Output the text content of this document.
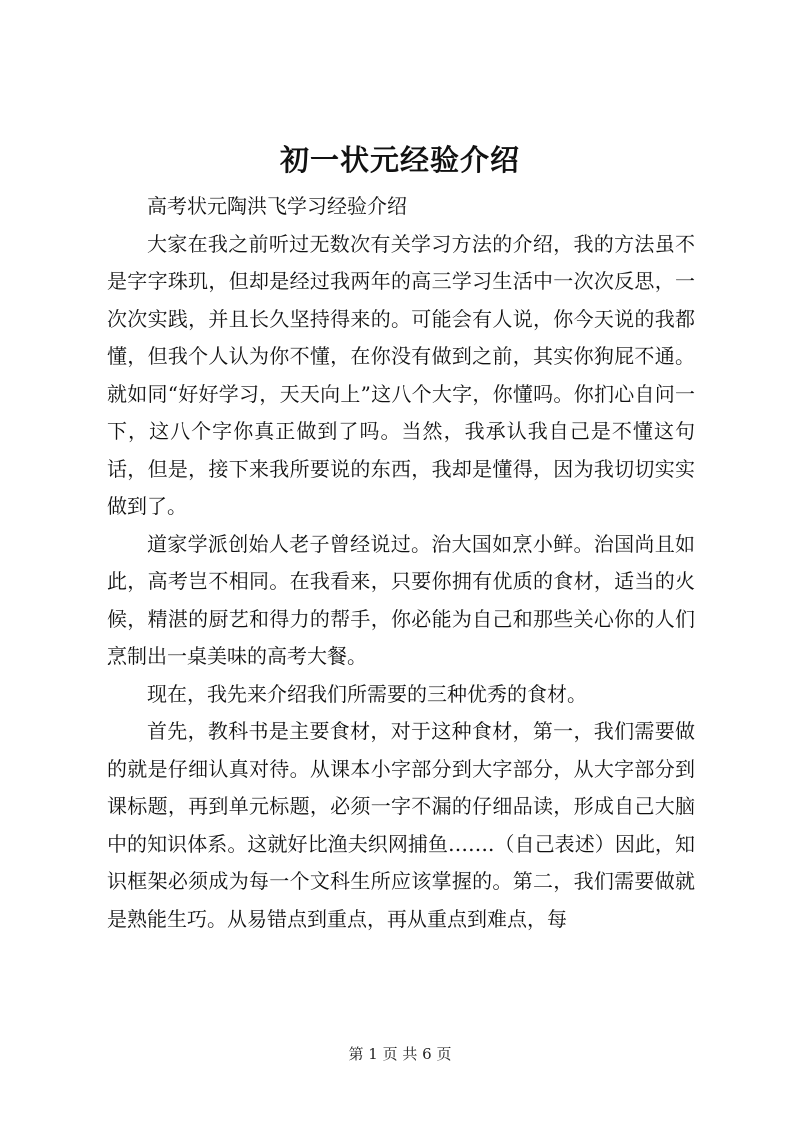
初一状元经验介绍

高考状元陶洪飞学习经验介绍

大家在我之前听过无数次有关学习方法的介绍，我的方法虽不是字字珠玑，但却是经过我两年的高三学习生活中一次次反思，一次次实践，并且长久坚持得来的。可能会有人说，你今天说的我都懂，但我个人认为你不懂，在你没有做到之前，其实你狗屁不通。就如同“好好学习，天天向上”这八个大字，你懂吗。你扪心自问一下，这八个字你真正做到了吗。当然，我承认我自己是不懂这句话，但是，接下来我所要说的东西，我却是懂得，因为我切切实实做到了。

道家学派创始人老子曾经说过。治大国如烹小鲜。治国尚且如此，高考岂不相同。在我看来，只要你拥有优质的食材，适当的火候，精湛的厨艺和得力的帮手，你必能为自己和那些关心你的人们烹制出一桌美味的高考大餐。

现在，我先来介绍我们所需要的三种优秀的食材。

首先，教科书是主要食材，对于这种食材，第一，我们需要做的就是仔细认真对待。从课本小字部分到大字部分，从大字部分到课标题，再到单元标题，必须一字不漏的仔细品读，形成自己大脑中的知识体系。这就好比渔夫织网捕鱼…….（自己表述）因此，知识框架必须成为每一个文科生所应该掌握的。第二，我们需要做就是熟能生巧。从易错点到重点，再从重点到难点，每

第 1 页 共 6 页
